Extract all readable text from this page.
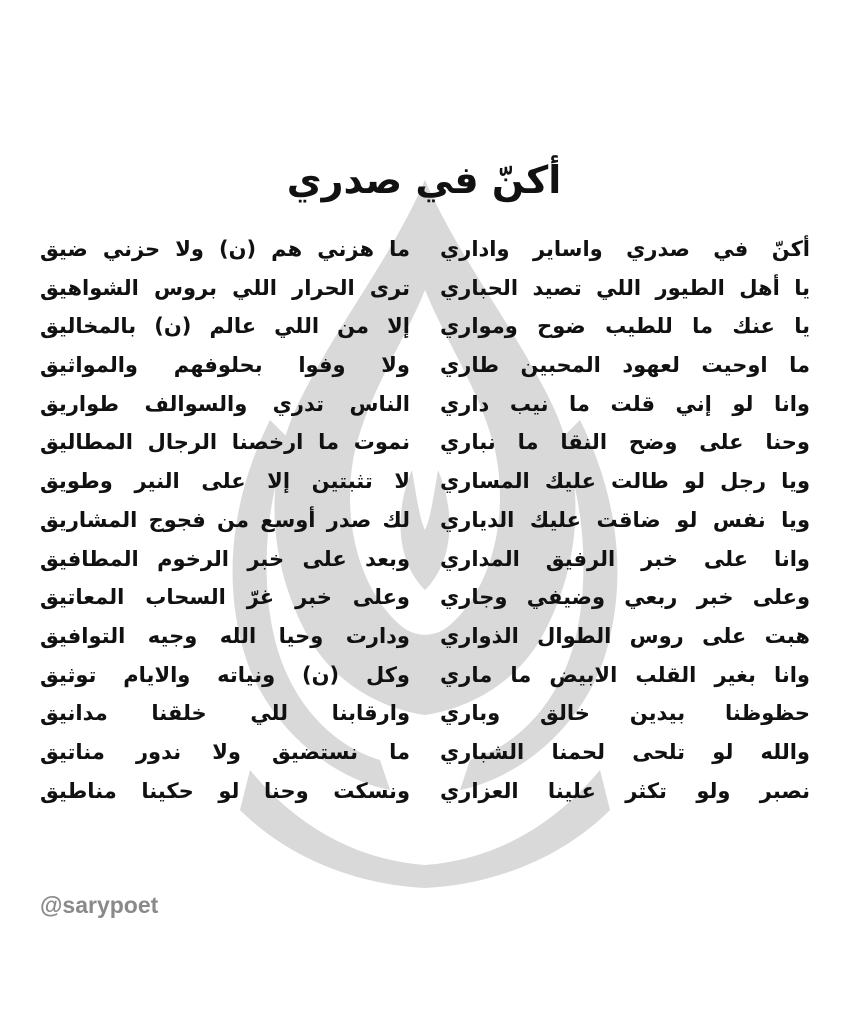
أكنّ في صدري
أكنّ في صدري واساير واداري
يا أهل الطيور اللي تصيد الحباري
يا عنك ما للطيب ضوح ومواري
ما اوحيت لعهود المحبين طاري
وانا لو إني قلت ما نيب داري
وحنا على وضح النقا ما نباري
ويا رجل لو طالت عليك المساري
ويا نفس لو ضاقت عليك الدياري
وانا على خبر الرفيق المداري
وعلى خبر ربعي وضيفي وجاري
هبت على روس الطوال الذواري
وانا بغير القلب الابيض ما ماري
حظوظنا بيدين خالق وباري
والله لو تلحى لحمنا الشباري
نصبر ولو تكثر علينا العزاري
ما هزني هم (ن) ولا حزني ضيق
ترى الحرار اللي بروس الشواهيق
إلا من اللي عالم (ن) بالمخاليق
ولا وفوا بحلوفهم والمواثيق
الناس تدري والسوالف طواريق
نموت ما ارخصنا الرجال المطاليق
لا تثبتين إلا على النير وطويق
لك صدر أوسع من فجوج المشاريق
وبعد على خبر الرخوم المطافيق
وعلى خبر غرّ السحاب المعاتيق
ودارت وحيا الله وجيه التوافيق
وكل (ن) ونياته والايام توثيق
وارقابنا للي خلقنا مدانيق
ما نستضيق ولا ندور مناتيق
ونسكت وحنا لو حكينا مناطيق
@sarypoet
